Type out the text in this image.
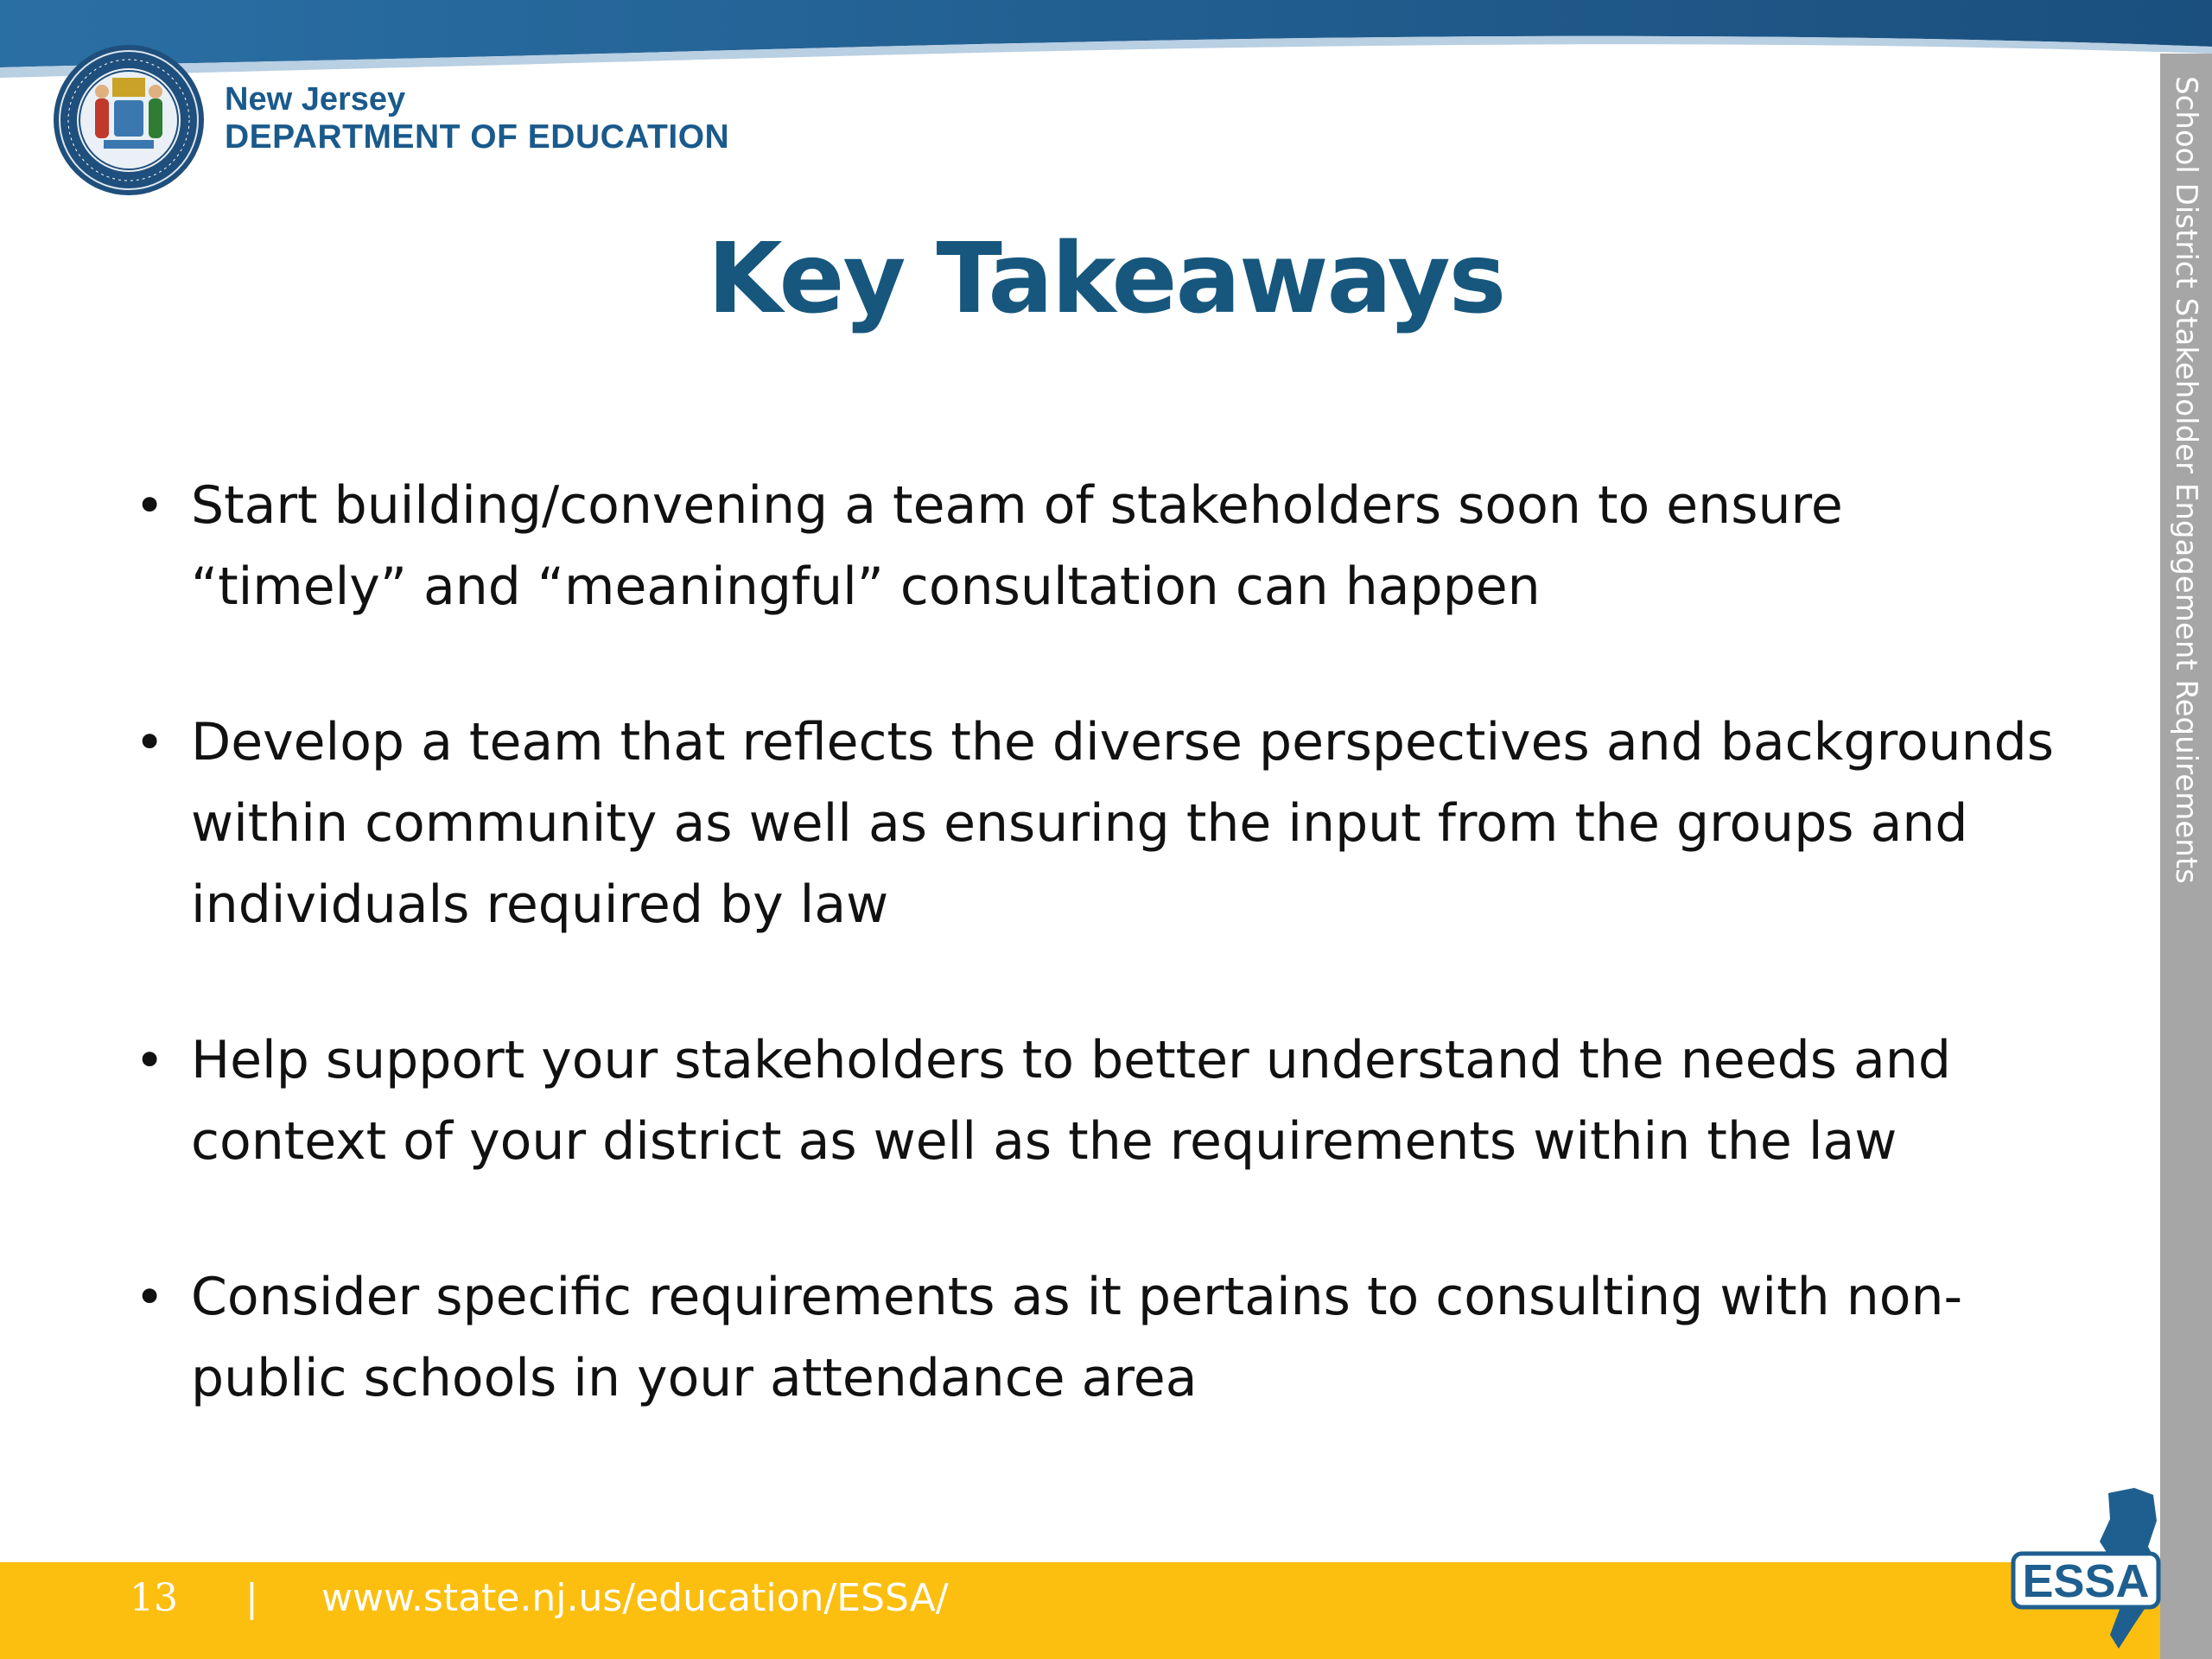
New Jersey
DEPARTMENT OF EDUCATION
Key Takeaways
• Start building/convening a team of stakeholders soon to ensure “timely” and “meaningful” consultation can happen
• Develop a team that reflects the diverse perspectives and backgrounds within community as well as ensuring the input from the groups and individuals required by law
• Help support your stakeholders to better understand the needs and context of your district as well as the requirements within the law
• Consider specific requirements as it pertains to consulting with non-public schools in your attendance area
School District Stakeholder Engagement Requirements
13 | www.state.nj.us/education/ESSA/	ESSA
